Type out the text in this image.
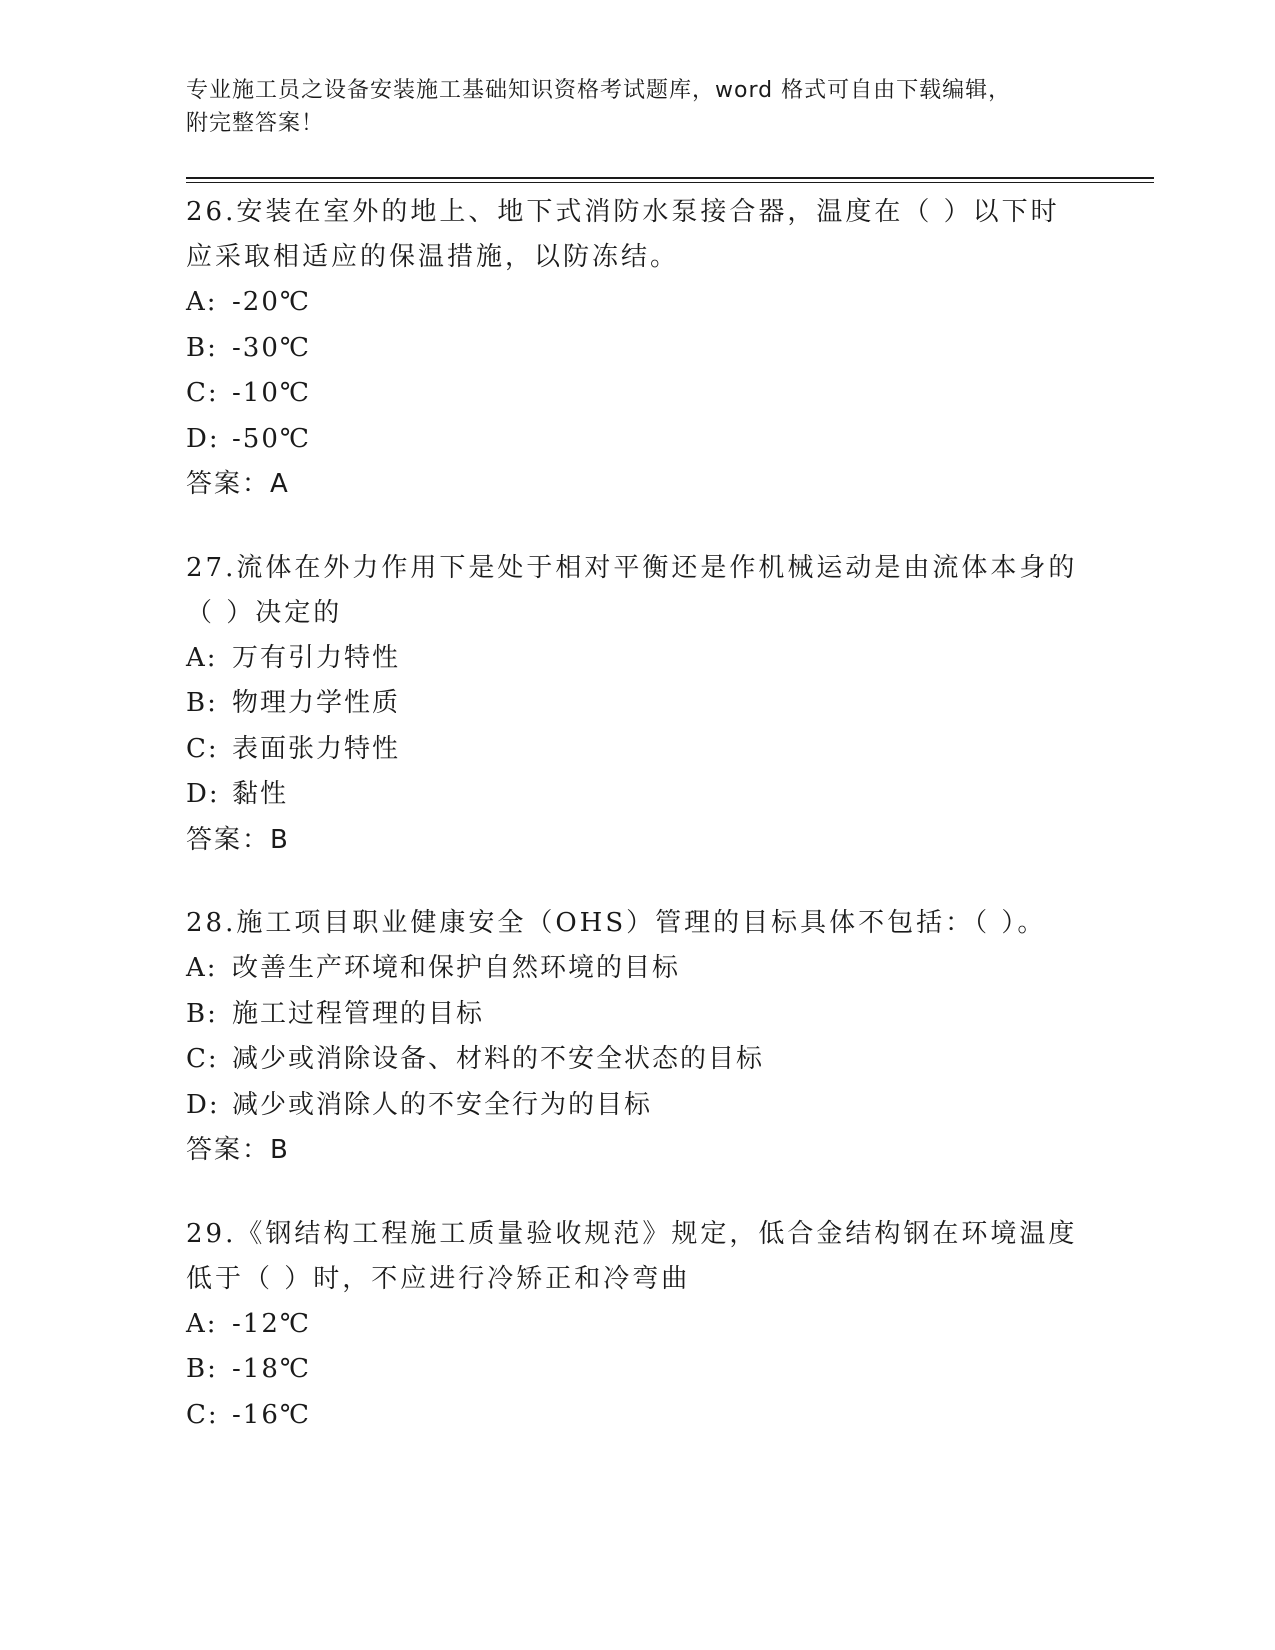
专业施工员之设备安装施工基础知识资格考试题库，word 格式可自由下载编辑，
附完整答案！

26.安装在室外的地上、地下式消防水泵接合器，温度在（ ）以下时

应采取相适应的保温措施，以防冻结。

A: -20℃

B: -30℃

C: -10℃

D: -50℃

答案：A

27.流体在外力作用下是处于相对平衡还是作机械运动是由流体本身的

（ ）决定的

A: 万有引力特性

B: 物理力学性质

C: 表面张力特性

D: 黏性

答案：B

28.施工项目职业健康安全（OHS）管理的目标具体不包括：（ ）。

A: 改善生产环境和保护自然环境的目标

B: 施工过程管理的目标

C: 减少或消除设备、材料的不安全状态的目标

D: 减少或消除人的不安全行为的目标

答案：B

29.《钢结构工程施工质量验收规范》规定，低合金结构钢在环境温度

低于（ ）时，不应进行冷矫正和冷弯曲

A: -12℃

B: -18℃

C: -16℃
